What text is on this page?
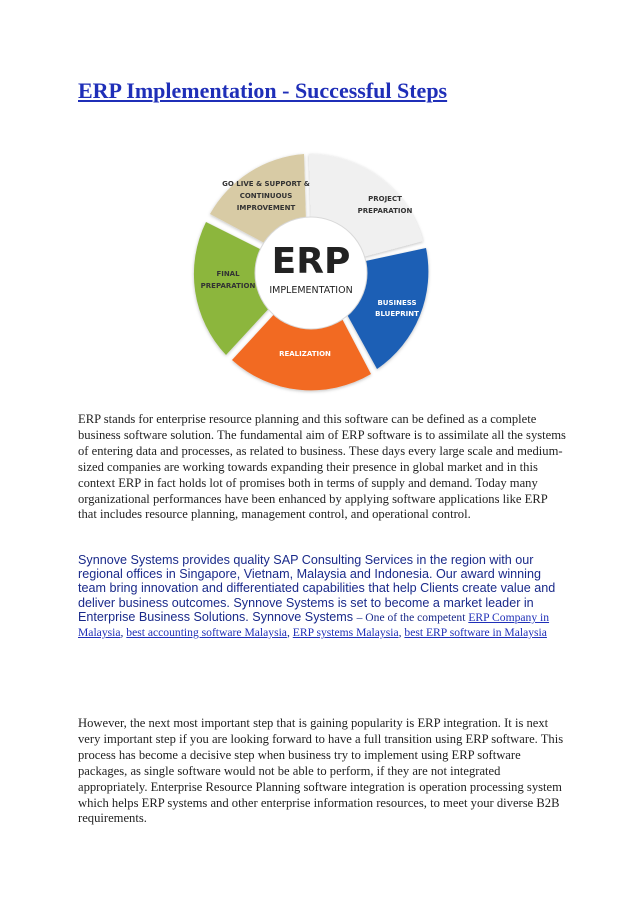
ERP Implementation - Successful Steps
ERP
IMPLEMENTATION
PROJECT
PREPARATION
BUSINESS
BLUEPRINT
REALIZATION
FINAL
PREPARATION
GO LIVE & SUPPORT &
CONTINUOUS
IMPROVEMENT

ERP stands for enterprise resource planning and this software can be defined as a complete business software solution. The fundamental aim of ERP software is to assimilate all the systems of entering data and processes, as related to business. These days every large scale and medium-sized companies are working towards expanding their presence in global market and in this context ERP in fact holds lot of promises both in terms of supply and demand. Today many organizational performances have been enhanced by applying software applications like ERP that includes resource planning, management control, and operational control.

Synnove Systems provides quality SAP Consulting Services in the region with our regional offices in Singapore, Vietnam, Malaysia and Indonesia. Our award winning team bring innovation and differentiated capabilities that help Clients create value and deliver business outcomes. Synnove Systems is set to become a market leader in Enterprise Business Solutions. Synnove Systems – One of the competent ERP Company in Malaysia, best accounting software Malaysia, ERP systems Malaysia, best ERP software in Malaysia

However, the next most important step that is gaining popularity is ERP integration. It is next very important step if you are looking forward to have a full transition using ERP software. This process has become a decisive step when business try to implement using ERP software packages, as single software would not be able to perform, if they are not integrated appropriately. Enterprise Resource Planning software integration is operation processing system which helps ERP systems and other enterprise information resources, to meet your diverse B2B requirements.
